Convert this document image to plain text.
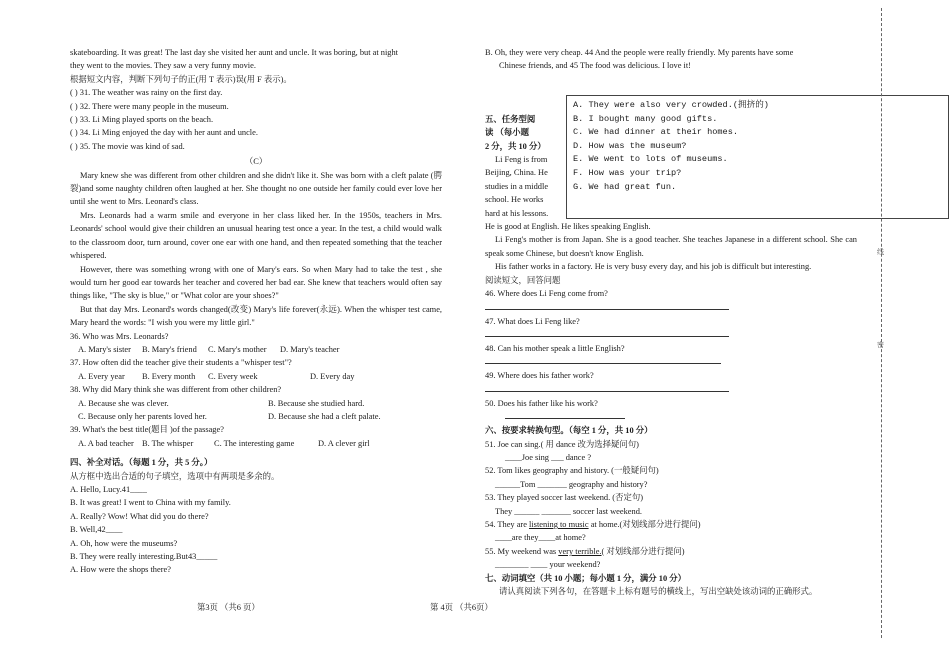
skateboarding. It was great! The last day she visited her aunt and uncle. It was boring, but at night

they went to the movies. They saw a very funny movie.

根据短文内容，判断下列句子的正(用 T 表示)误(用 F 表示)。

( ) 31. The weather was rainy on the first day.

( ) 32. There were many people in the museum.

( ) 33. Li Ming played sports on the beach.

( ) 34. Li Ming enjoyed the day with her aunt and uncle.

( ) 35. The movie was kind of sad.

（C）

Mary knew she was different from other children and she didn't like it. She was born with a cleft palate (腭裂)and some naughty children often laughed at her. She thought no one outside her family could ever love her until she went to Mrs. Leonard's class.

Mrs. Leonards had a warm smile and everyone in her class liked her. In the 1950s, teachers in Mrs. Leonards' school would give their children an unusual hearing test once a year. In the test, a child would walk to the classroom door, turn around, cover one ear with one hand, and then repeated something that the teacher whispered.

However, there was something wrong with one of Mary's ears. So when Mary had to take the test , she would turn her good ear towards her teacher and covered her bad ear. She knew that teachers would often say things like, "The sky is blue," or "What color are your shoes?"

But that day Mrs. Leonard's words changed(改变) Mary's life forever(永远). When the whisper test came, Mary heard the words: "I wish you were my little girl."

36. Who was Mrs. Leonards?

A. Mary's sister	B. Mary's friend	C. Mary's mother	D. Mary's teacher

37. How often did the teacher give their students a "whisper test"?

A. Every year	B. Every month	C. Every week	D. Every day

38. Why did Mary think she was different from other children?

A. Because she was clever.	B. Because she studied hard.

C. Because only her parents loved her.	D. Because she had a cleft palate.

39. What's the best title(题目 )of the passage?

A. A bad teacher B. The whisper	C. The interesting game	D. A clever girl

四、补全对话。（每题 1 分，共 5 分。）

从方框中选出合适的句子填空，选项中有两项是多余的。

A. Hello, Lucy.41____

B. It was great! I went to China with my family.

A. Really? Wow! What did you do there?

B. Well,42____

A. Oh, how were the museums?

B. They were really interesting.But43_____

A. How were the shops there?

B. Oh, they were very cheap. 44 And the people were really friendly. My parents have some

Chinese friends, and 45 The food was delicious. I love it!

五、任务型阅

读 （每小题

2 分，共 10 分）

Li Feng is from

Beijing, China. He

studies in a middle

school. He works

hard at his lessons.

He is good at English. He likes speaking English.

Li Feng's mother is from Japan. She is a good teacher. She teaches Japanese in a different school. She can speak some Chinese, but doesn't know English.

His father works in a factory. He is very busy every day, and his job is difficult but interesting.

阅读短文，回答问题

46. Where does Li Feng come from?

47. What does Li Feng like?

48. Can his mother speak a little English?

49. Where does his father work?

50. Does his father like his work?

六、按要求转换句型。（每空 1 分，共 10 分）

51. Joe can sing.( 用 dance 改为选择疑问句)

____Joe sing ___ dance ?

52. Tom likes geography and history. (一般疑问句)

______Tom _______ geography and history?

53. They played soccer last weekend. (否定句)

They ______ _______ soccer last weekend.

54. They are listening to music at home.(对划线部分进行提问)

____are they____at home?

55. My weekend was very terrible.( 对划线部分进行提问)

________ ____ your weekend?

七、动词填空（共 10 小题；每小题 1 分，满分 10 分）

请认真阅读下列各句，在答题卡上标有题号的横线上，写出空缺处该动词的正确形式。

A. They were also very crowded.(拥挤的)

B. I bought many good gifts.

C. We had dinner at their homes.

D. How was the museum?

E. We went to lots of museums.

F. How was your trip?

G. We had great fun.

第3页 （共6 页）	第 4页 （共6页）
线
密
